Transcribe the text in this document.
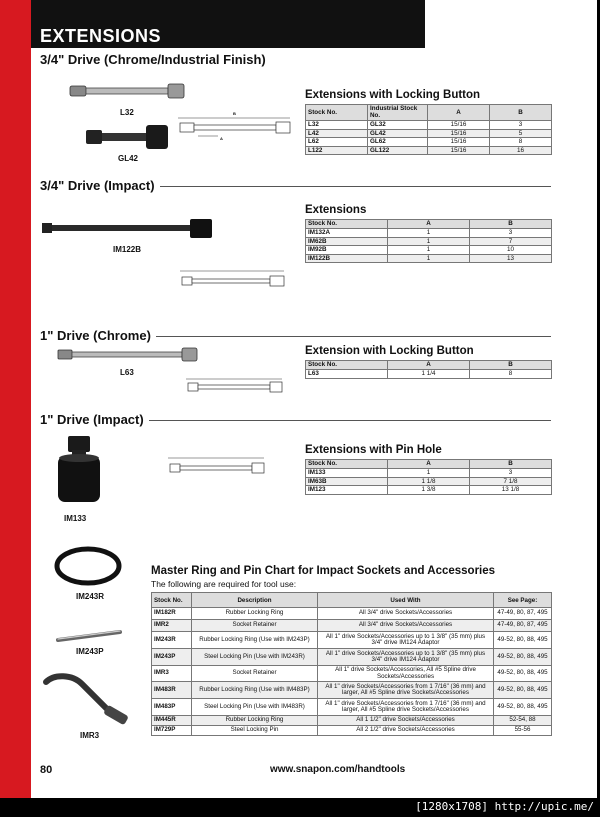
EXTENSIONS
3/4" Drive (Chrome/Industrial Finish)
L32
GL42
B
A
Extensions with Locking Button
Stock No.	Industrial Stock No.	A	B
L32	GL32	15/16	3
L42	GL42	15/16	5
L62	GL62	15/16	8
L122	GL122	15/16	16
3/4" Drive (Impact)
IM122B
Extensions
Stock No.	A	B
IM132A	1	3
IM62B	1	7
IM92B	1	10
IM122B	1	13
1" Drive (Chrome)
L63
Extension with Locking Button
Stock No.	A	B
L63	1 1/4	8
1" Drive (Impact)
IM133
Extensions with Pin Hole
Stock No.	A	B
IM133	1	3
IM63B	1 1/8	7 1/8
IM123	1 3/8	13 1/8
IM243R
IM243P
IMR3
Master Ring and Pin Chart for Impact Sockets and Accessories
The following are required for tool use:
Stock No.	Description	Used With	See Page:
IM182R	Rubber Locking Ring	All 3/4" drive Sockets/Accessories	47-49, 80, 87, 495
IMR2	Socket Retainer	All 3/4" drive Sockets/Accessories	47-49, 80, 87, 495
IM243R	Rubber Locking Ring (Use with IM243P)	All 1" drive Sockets/Accessories up to 1 3/8" (35 mm) plus 3/4" drive IM124 Adaptor	49-52, 80, 88, 495
IM243P	Steel Locking Pin (Use with IM243R)	All 1" drive Sockets/Accessories up to 1 3/8" (35 mm) plus 3/4" drive IM124 Adaptor	49-52, 80, 88, 495
IMR3	Socket Retainer	All 1" drive Sockets/Accessories, All #5 Spline drive Sockets/Accessories	49-52, 80, 88, 495
IM483R	Rubber Locking Ring (Use with IM483P)	All 1" drive Sockets/Accessories from 1 7/16" (36 mm) and larger, All #5 Spline drive Sockets/Accessories	49-52, 80, 88, 495
IM483P	Steel Locking Pin (Use with IM483R)	All 1" drive Sockets/Accessories from 1 7/16" (36 mm) and larger, All #5 Spline drive Sockets/Accessories	49-52, 80, 88, 495
IM445R	Rubber Locking Ring	All 1 1/2" drive Sockets/Accessories	52-54, 88
IM729P	Steel Locking Pin	All 2 1/2" drive Sockets/Accessories	55-56
80	www.snapon.com/handtools
[1280x1708] http://upic.me/
